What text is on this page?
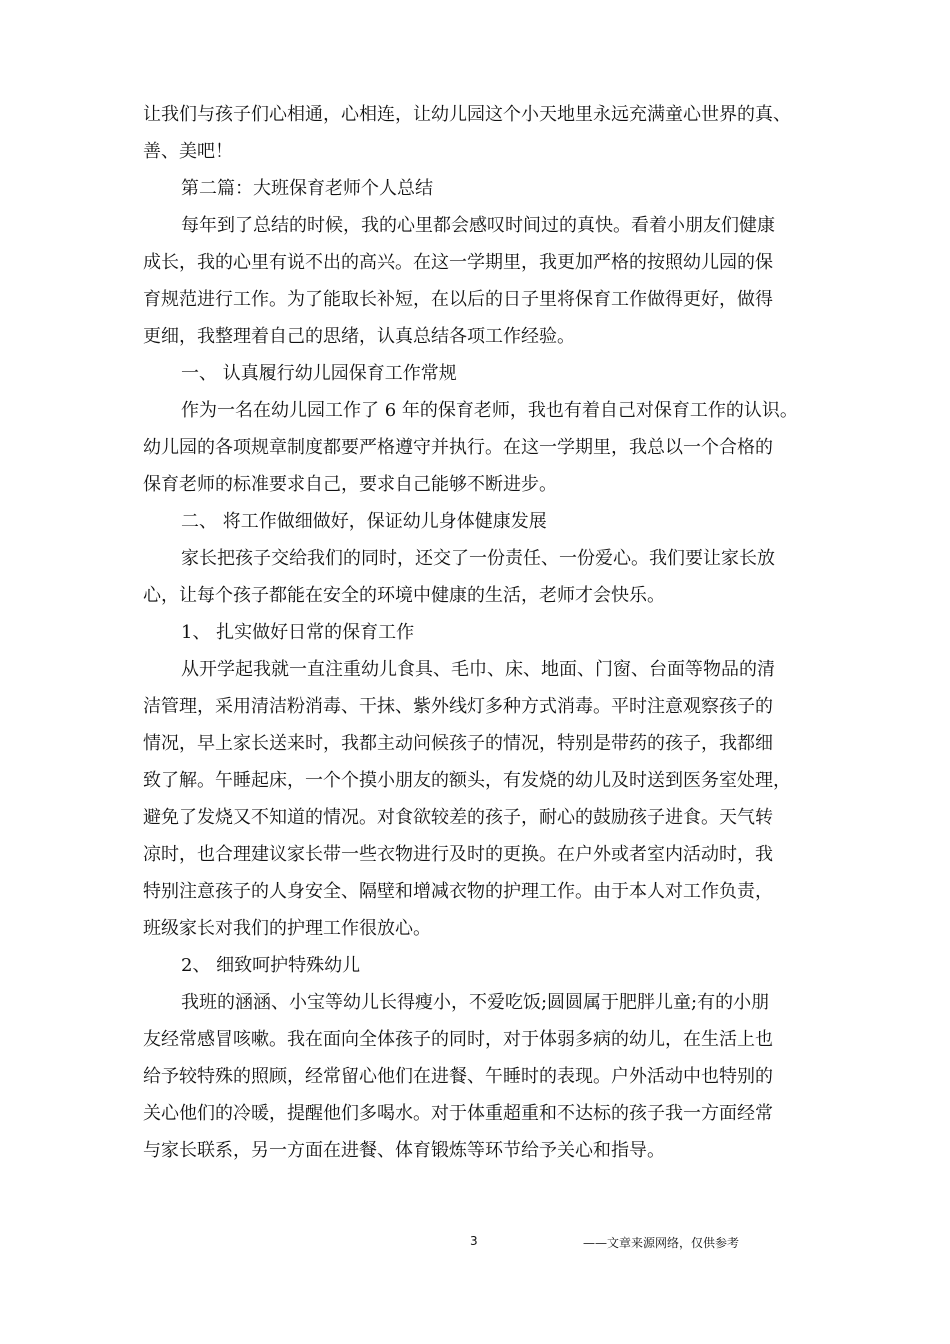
让我们与孩子们心相通，心相连，让幼儿园这个小天地里永远充满童心世界的真、
善、美吧！
第二篇：大班保育老师个人总结
每年到了总结的时候，我的心里都会感叹时间过的真快。看着小朋友们健康
成长，我的心里有说不出的高兴。在这一学期里，我更加严格的按照幼儿园的保
育规范进行工作。为了能取长补短，在以后的日子里将保育工作做得更好，做得
更细，我整理着自己的思绪，认真总结各项工作经验。
一、 认真履行幼儿园保育工作常规
作为一名在幼儿园工作了 6 年的保育老师，我也有着自己对保育工作的认识。
幼儿园的各项规章制度都要严格遵守并执行。在这一学期里，我总以一个合格的
保育老师的标准要求自己，要求自己能够不断进步。
二、 将工作做细做好，保证幼儿身体健康发展
家长把孩子交给我们的同时，还交了一份责任、一份爱心。我们要让家长放
心，让每个孩子都能在安全的环境中健康的生活，老师才会快乐。
1、 扎实做好日常的保育工作
从开学起我就一直注重幼儿食具、毛巾、床、地面、门窗、台面等物品的清
洁管理，采用清洁粉消毒、干抹、紫外线灯多种方式消毒。平时注意观察孩子的
情况，早上家长送来时，我都主动问候孩子的情况，特别是带药的孩子，我都细
致了解。午睡起床，一个个摸小朋友的额头，有发烧的幼儿及时送到医务室处理，
避免了发烧又不知道的情况。对食欲较差的孩子，耐心的鼓励孩子进食。天气转
凉时，也合理建议家长带一些衣物进行及时的更换。在户外或者室内活动时，我
特别注意孩子的人身安全、隔壁和增减衣物的护理工作。由于本人对工作负责，
班级家长对我们的护理工作很放心。
2、 细致呵护特殊幼儿
我班的涵涵、小宝等幼儿长得瘦小，不爱吃饭;圆圆属于肥胖儿童;有的小朋
友经常感冒咳嗽。我在面向全体孩子的同时，对于体弱多病的幼儿，在生活上也
给予较特殊的照顾，经常留心他们在进餐、午睡时的表现。户外活动中也特别的
关心他们的冷暖，提醒他们多喝水。对于体重超重和不达标的孩子我一方面经常
与家长联系，另一方面在进餐、体育锻炼等环节给予关心和指导。
3	——文章来源网络，仅供参考
